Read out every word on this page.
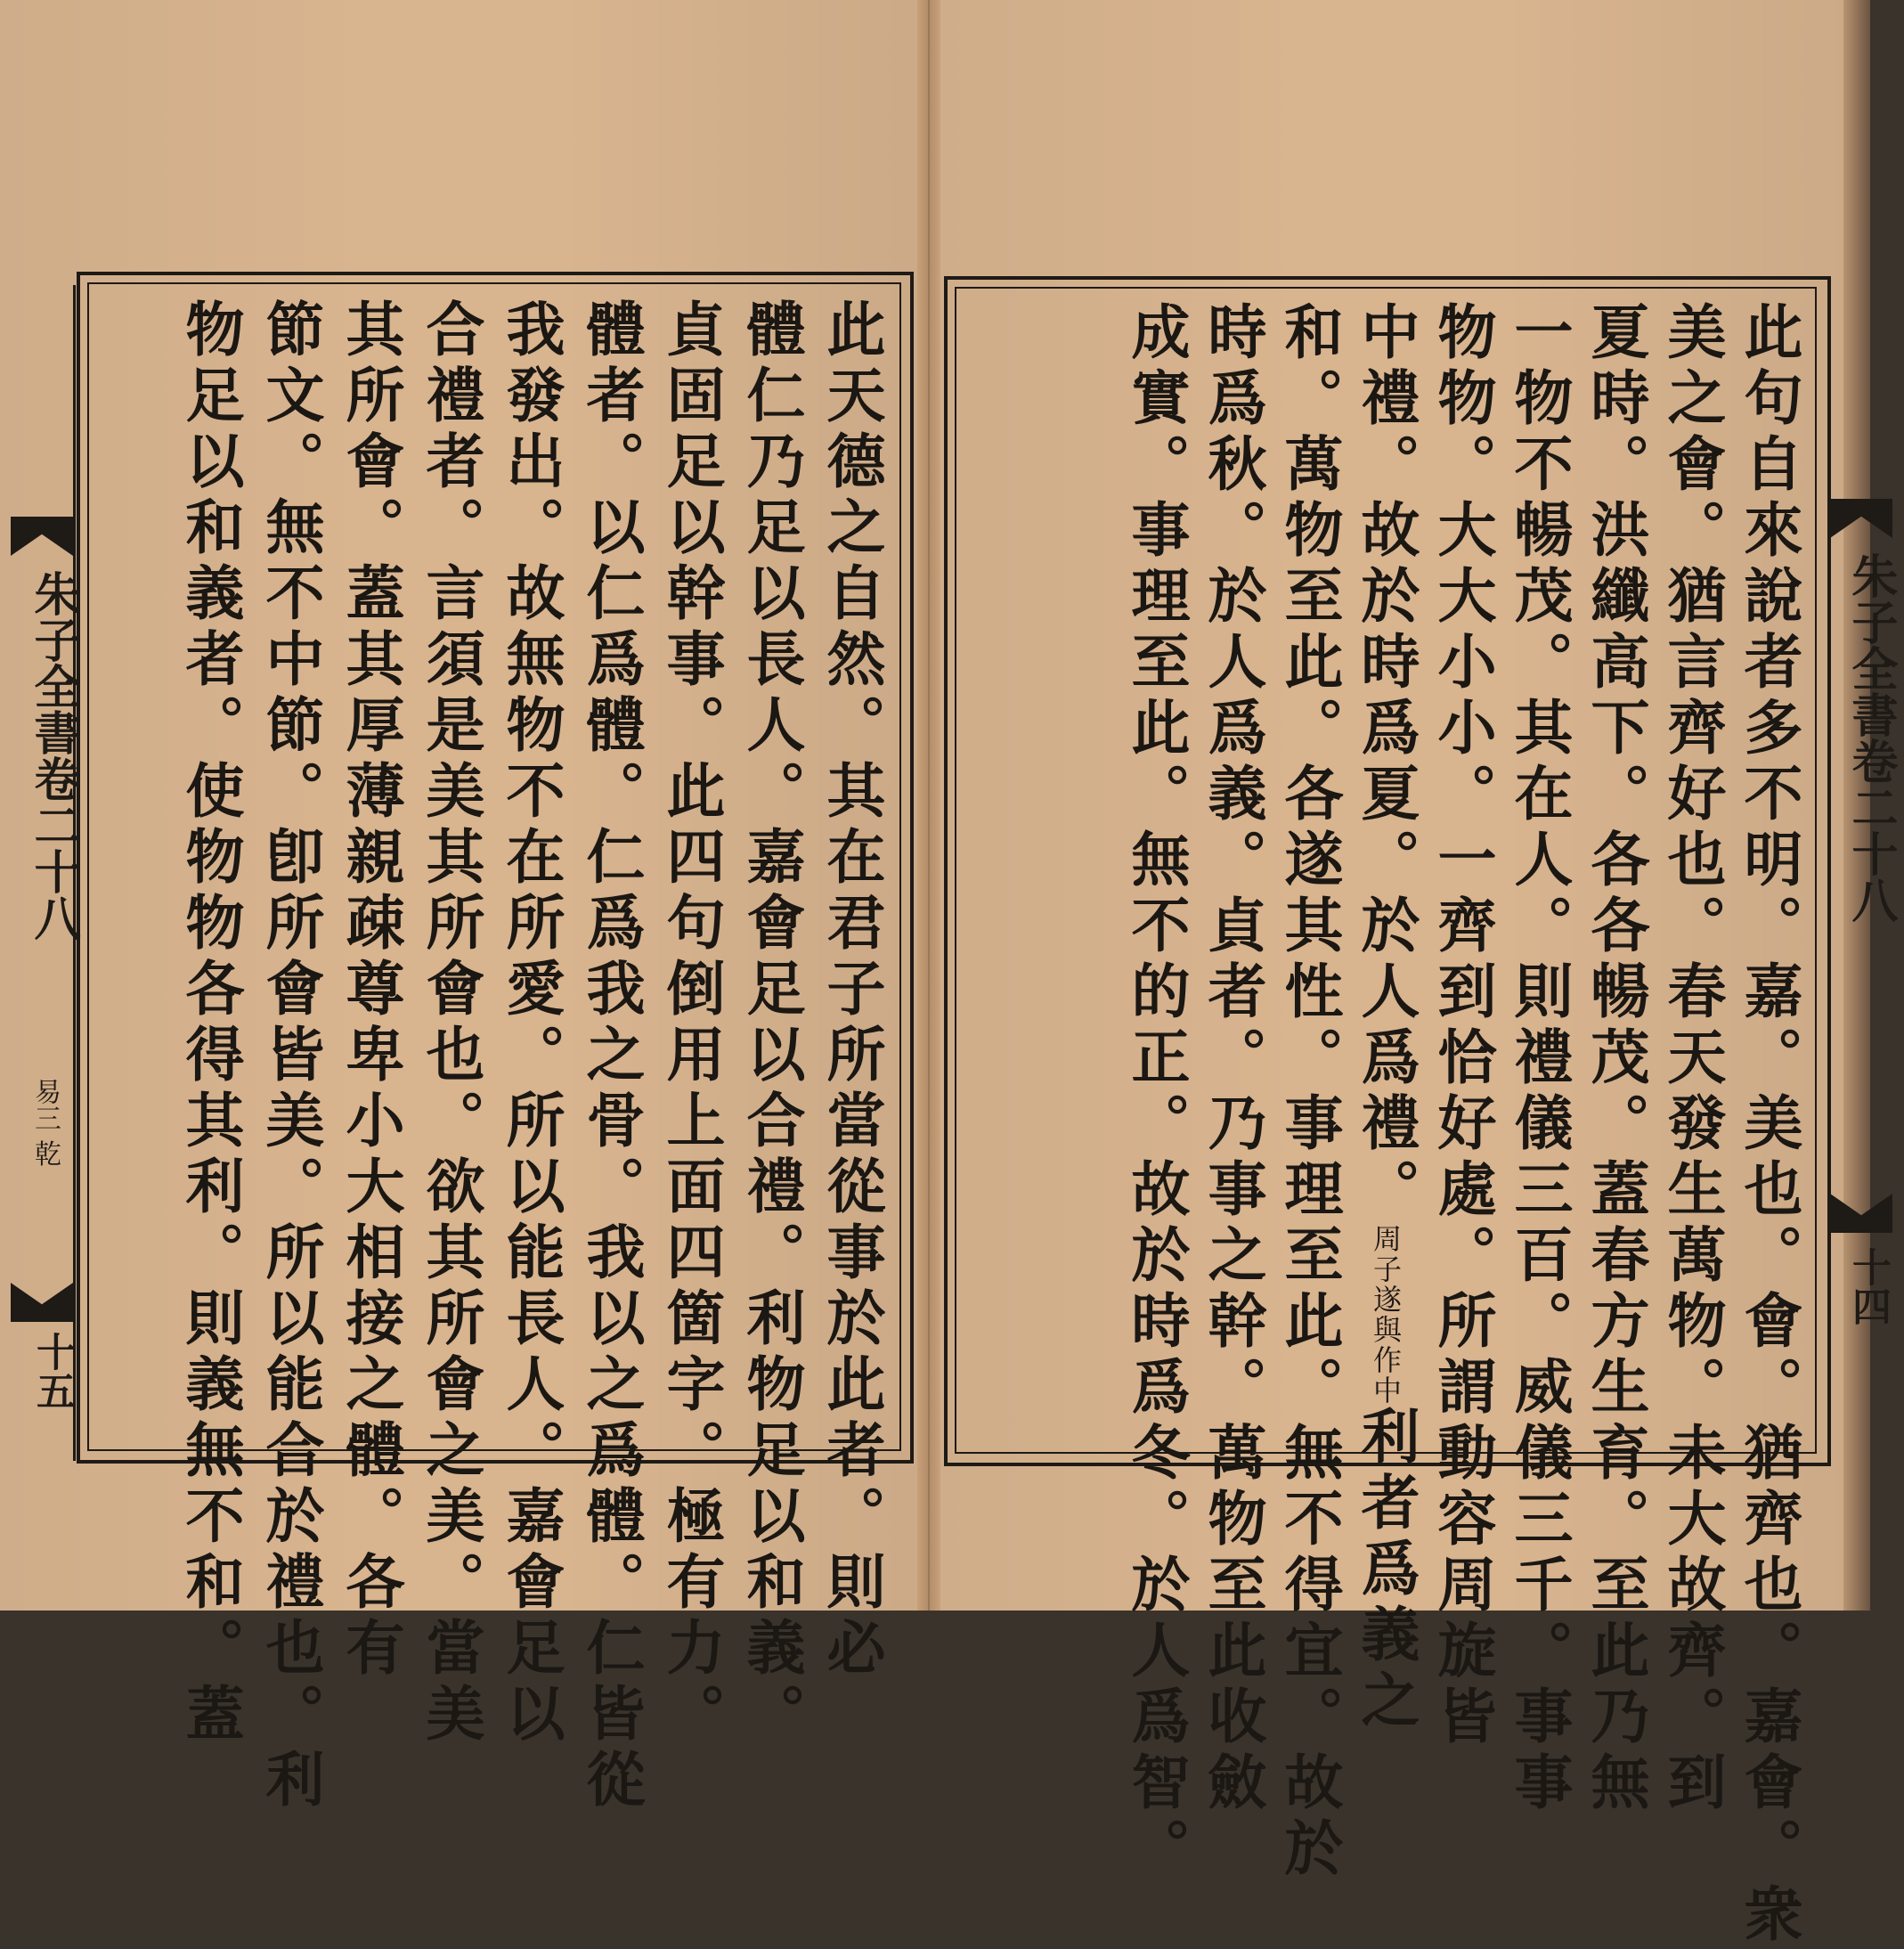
朱子全書卷二十八
易三 乾
十五	此天德之自然。其在君子所當從事於此者。則必
體仁乃足以長人。嘉會足以合禮。利物足以和義。
貞固足以幹事。此四句倒用上面四箇字。極有力。
體者。以仁爲體。仁爲我之骨。我以之爲體。仁皆從
我發出。故無物不在所愛。所以能長人。嘉會足以
合禮者。言須是美其所會也。欲其所會之美。當美
其所會。蓋其厚薄親疎尊卑小大相接之體。各有
節文。無不中節。卽所會皆美。所以能合於禮也。利
物足以和義者。使物物各得其利。則義無不和。蓋	朱子全書卷二十八
十四
此句自來說者多不明。嘉。美也。會。猶齊也。嘉會。衆
美之會。猶言齊好也。春天發生萬物。未大故齊。到
夏時。洪纖高下。各各暢茂。蓋春方生育。至此乃無
一物不暢茂。其在人。則禮儀三百。威儀三千。事事
物物。大大小小。一齊到恰好處。所謂動容周旋皆
中禮。故於時爲夏。於人爲禮。周子遂與作中利者爲義之
和。萬物至此。各遂其性。事理至此。無不得宜。故於
時爲秋。於人爲義。貞者。乃事之幹。萬物至此收斂
成實。事理至此。無不的正。故於時爲冬。於人爲智。
